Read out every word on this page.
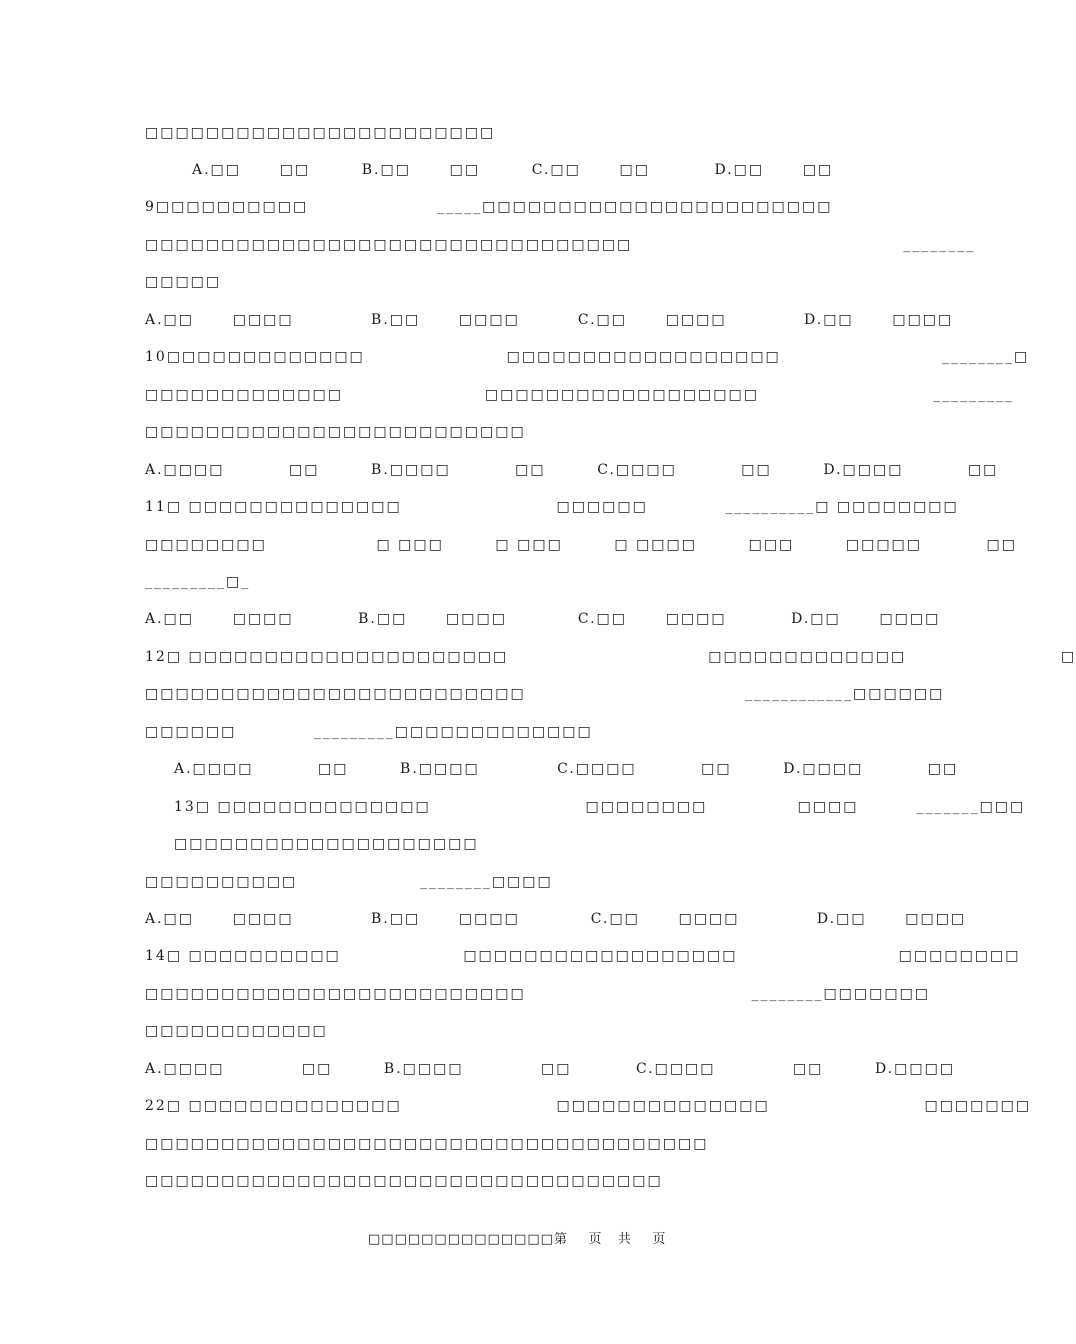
□□□□□□□□□□□□□□□□□□□□□□□
A.□□      □□        B.□□      □□        C.□□      □□          D.□□      □□
9□□□□□□□□□□                    _____□□□□□□□□□□□□□□□□□□□□□□□
□□□□□□□□□□□□□□□□□□□□□□□□□□□□□□□□                                          ________
□□□□□
A.□□      □□□□            B.□□      □□□□         C.□□      □□□□            D.□□      □□□□
10□□□□□□□□□□□□□                      □□□□□□□□□□□□□□□□□□                         ________□
□□□□□□□□□□□□□                      □□□□□□□□□□□□□□□□□□                           _________
□□□□□□□□□□□□□□□□□□□□□□□□□
A.□□□□          □□        B.□□□□          □□        C.□□□□          □□        D.□□□□          □□
11□ □□□□□□□□□□□□□□                        □□□□□□            __________□ □□□□□□□□
□□□□□□□□                 □ □□□        □ □□□        □ □□□□        □□□        □□□□□          □□
_________□_
A.□□      □□□□          B.□□      □□□□           C.□□      □□□□          D.□□      □□□□
12□ □□□□□□□□□□□□□□□□□□□□□                               □□□□□□□□□□□□□                        □
□□□□□□□□□□□□□□□□□□□□□□□□□                                  ____________□□□□□□
□□□□□□            _________□□□□□□□□□□□□□
A.□□□□          □□        B.□□□□            C.□□□□          □□        D.□□□□          □□
13□ □□□□□□□□□□□□□□                        □□□□□□□□              □□□□         _______□□□
□□□□□□□□□□□□□□□□□□□□
□□□□□□□□□□                   ________□□□□
A.□□      □□□□            B.□□      □□□□           C.□□      □□□□            D.□□      □□□□
14□ □□□□□□□□□□                   □□□□□□□□□□□□□□□□□□                         □□□□□□□□
□□□□□□□□□□□□□□□□□□□□□□□□□                                   ________□□□□□□□
□□□□□□□□□□□□
A.□□□□            □□        B.□□□□            □□          C.□□□□            □□        D.□□□□
22□ □□□□□□□□□□□□□□                        □□□□□□□□□□□□□□                        □□□□□□□
□□□□□□□□□□□□□□□□□□□□□□□□□□□□□□□□□□□□□
□□□□□□□□□□□□□□□□□□□□□□□□□□□□□□□□□□
□□□□□□□□□□□□□□第    页   共    页
